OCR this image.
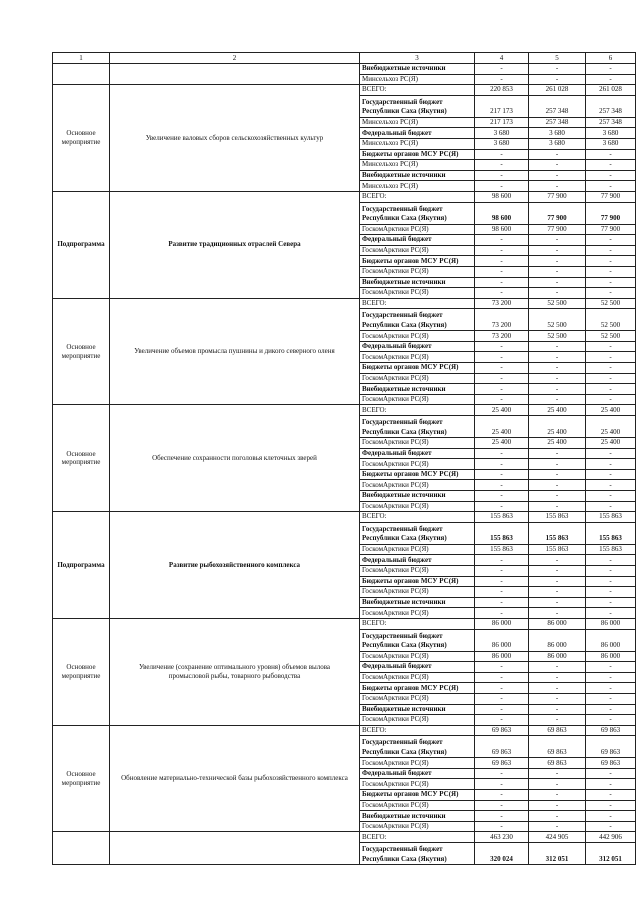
1	2	3	4	5	6
		Внебюджетные источники	-	-	-
		Минсельхоз РС(Я)	-	-	-
Основное мероприятие	Увеличение валовых сборов сельскохозяйственных культур	ВСЕГО:	220 853	261 028	261 028
		Государственный бюджет Республики Саха (Якутия)	217 173	257 348	257 348
		Минсельхоз РС(Я)	217 173	257 348	257 348
		Федеральный бюджет	3 680	3 680	3 680
		Минсельхоз РС(Я)	3 680	3 680	3 680
		Бюджеты органов МСУ РС(Я)	-	-	-
		Минсельхоз РС(Я)	-	-	-
		Внебюджетные источники	-	-	-
		Минсельхоз РС(Я)	-	-	-
Подпрограмма	Развитие традиционных отраслей Севера	ВСЕГО:	98 600	77 900	77 900
		Государственный бюджет Республики Саха (Якутия)	98 600	77 900	77 900
		ГоскомАрктики РС(Я)	98 600	77 900	77 900
		Федеральный бюджет	-	-	-
		ГоскомАрктики РС(Я)	-	-	-
		Бюджеты органов МСУ РС(Я)	-	-	-
		ГоскомАрктики РС(Я)	-	-	-
		Внебюджетные источники	-	-	-
		ГоскомАрктики РС(Я)	-	-	-
Основное мероприятие	Увеличение объемов промысла пушнины и дикого северного оленя	ВСЕГО:	73 200	52 500	52 500
		Государственный бюджет Республики Саха (Якутия)	73 200	52 500	52 500
		ГоскомАрктики РС(Я)	73 200	52 500	52 500
		Федеральный бюджет	-	-	-
		ГоскомАрктики РС(Я)	-	-	-
		Бюджеты органов МСУ РС(Я)	-	-	-
		ГоскомАрктики РС(Я)	-	-	-
		Внебюджетные источники	-	-	-
		ГоскомАрктики РС(Я)	-	-	-
Основное мероприятие	Обеспечение сохранности поголовья клеточных зверей	ВСЕГО:	25 400	25 400	25 400
		Государственный бюджет Республики Саха (Якутия)	25 400	25 400	25 400
		ГоскомАрктики РС(Я)	25 400	25 400	25 400
		Федеральный бюджет	-	-	-
		ГоскомАрктики РС(Я)	-	-	-
		Бюджеты органов МСУ РС(Я)	-	-	-
		ГоскомАрктики РС(Я)	-	-	-
		Внебюджетные источники	-	-	-
		ГоскомАрктики РС(Я)	-	-	-
Подпрограмма	Развитие рыбохозяйственного комплекса	ВСЕГО:	155 863	155 863	155 863
		Государственный бюджет Республики Саха (Якутия)	155 863	155 863	155 863
		ГоскомАрктики РС(Я)	155 863	155 863	155 863
		Федеральный бюджет	-	-	-
		ГоскомАрктики РС(Я)	-	-	-
		Бюджеты органов МСУ РС(Я)	-	-	-
		ГоскомАрктики РС(Я)	-	-	-
		Внебюджетные источники	-	-	-
		ГоскомАрктики РС(Я)	-	-	-
Основное мероприятие	Увеличение (сохранение оптимального уровня) объемов вылова промысловой рыбы, товарного рыбоводства	ВСЕГО:	86 000	86 000	86 000
		Государственный бюджет Республики Саха (Якутия)	86 000	86 000	86 000
		ГоскомАрктики РС(Я)	86 000	86 000	86 000
		Федеральный бюджет	-	-	-
		ГоскомАрктики РС(Я)	-	-	-
		Бюджеты органов МСУ РС(Я)	-	-	-
		ГоскомАрктики РС(Я)	-	-	-
		Внебюджетные источники	-	-	-
		ГоскомАрктики РС(Я)	-	-	-
Основное мероприятие	Обновление материально-технической базы рыбохозяйственного комплекса	ВСЕГО:	69 863	69 863	69 863
		Государственный бюджет Республики Саха (Якутия)	69 863	69 863	69 863
		ГоскомАрктики РС(Я)	69 863	69 863	69 863
		Федеральный бюджет	-	-	-
		ГоскомАрктики РС(Я)	-	-	-
		Бюджеты органов МСУ РС(Я)	-	-	-
		ГоскомАрктики РС(Я)	-	-	-
		Внебюджетные источники	-	-	-
		ГоскомАрктики РС(Я)	-	-	-
		ВСЕГО:	463 230	424 905	442 906
		Государственный бюджет Республики Саха (Якутия)	320 024	312 051	312 051
